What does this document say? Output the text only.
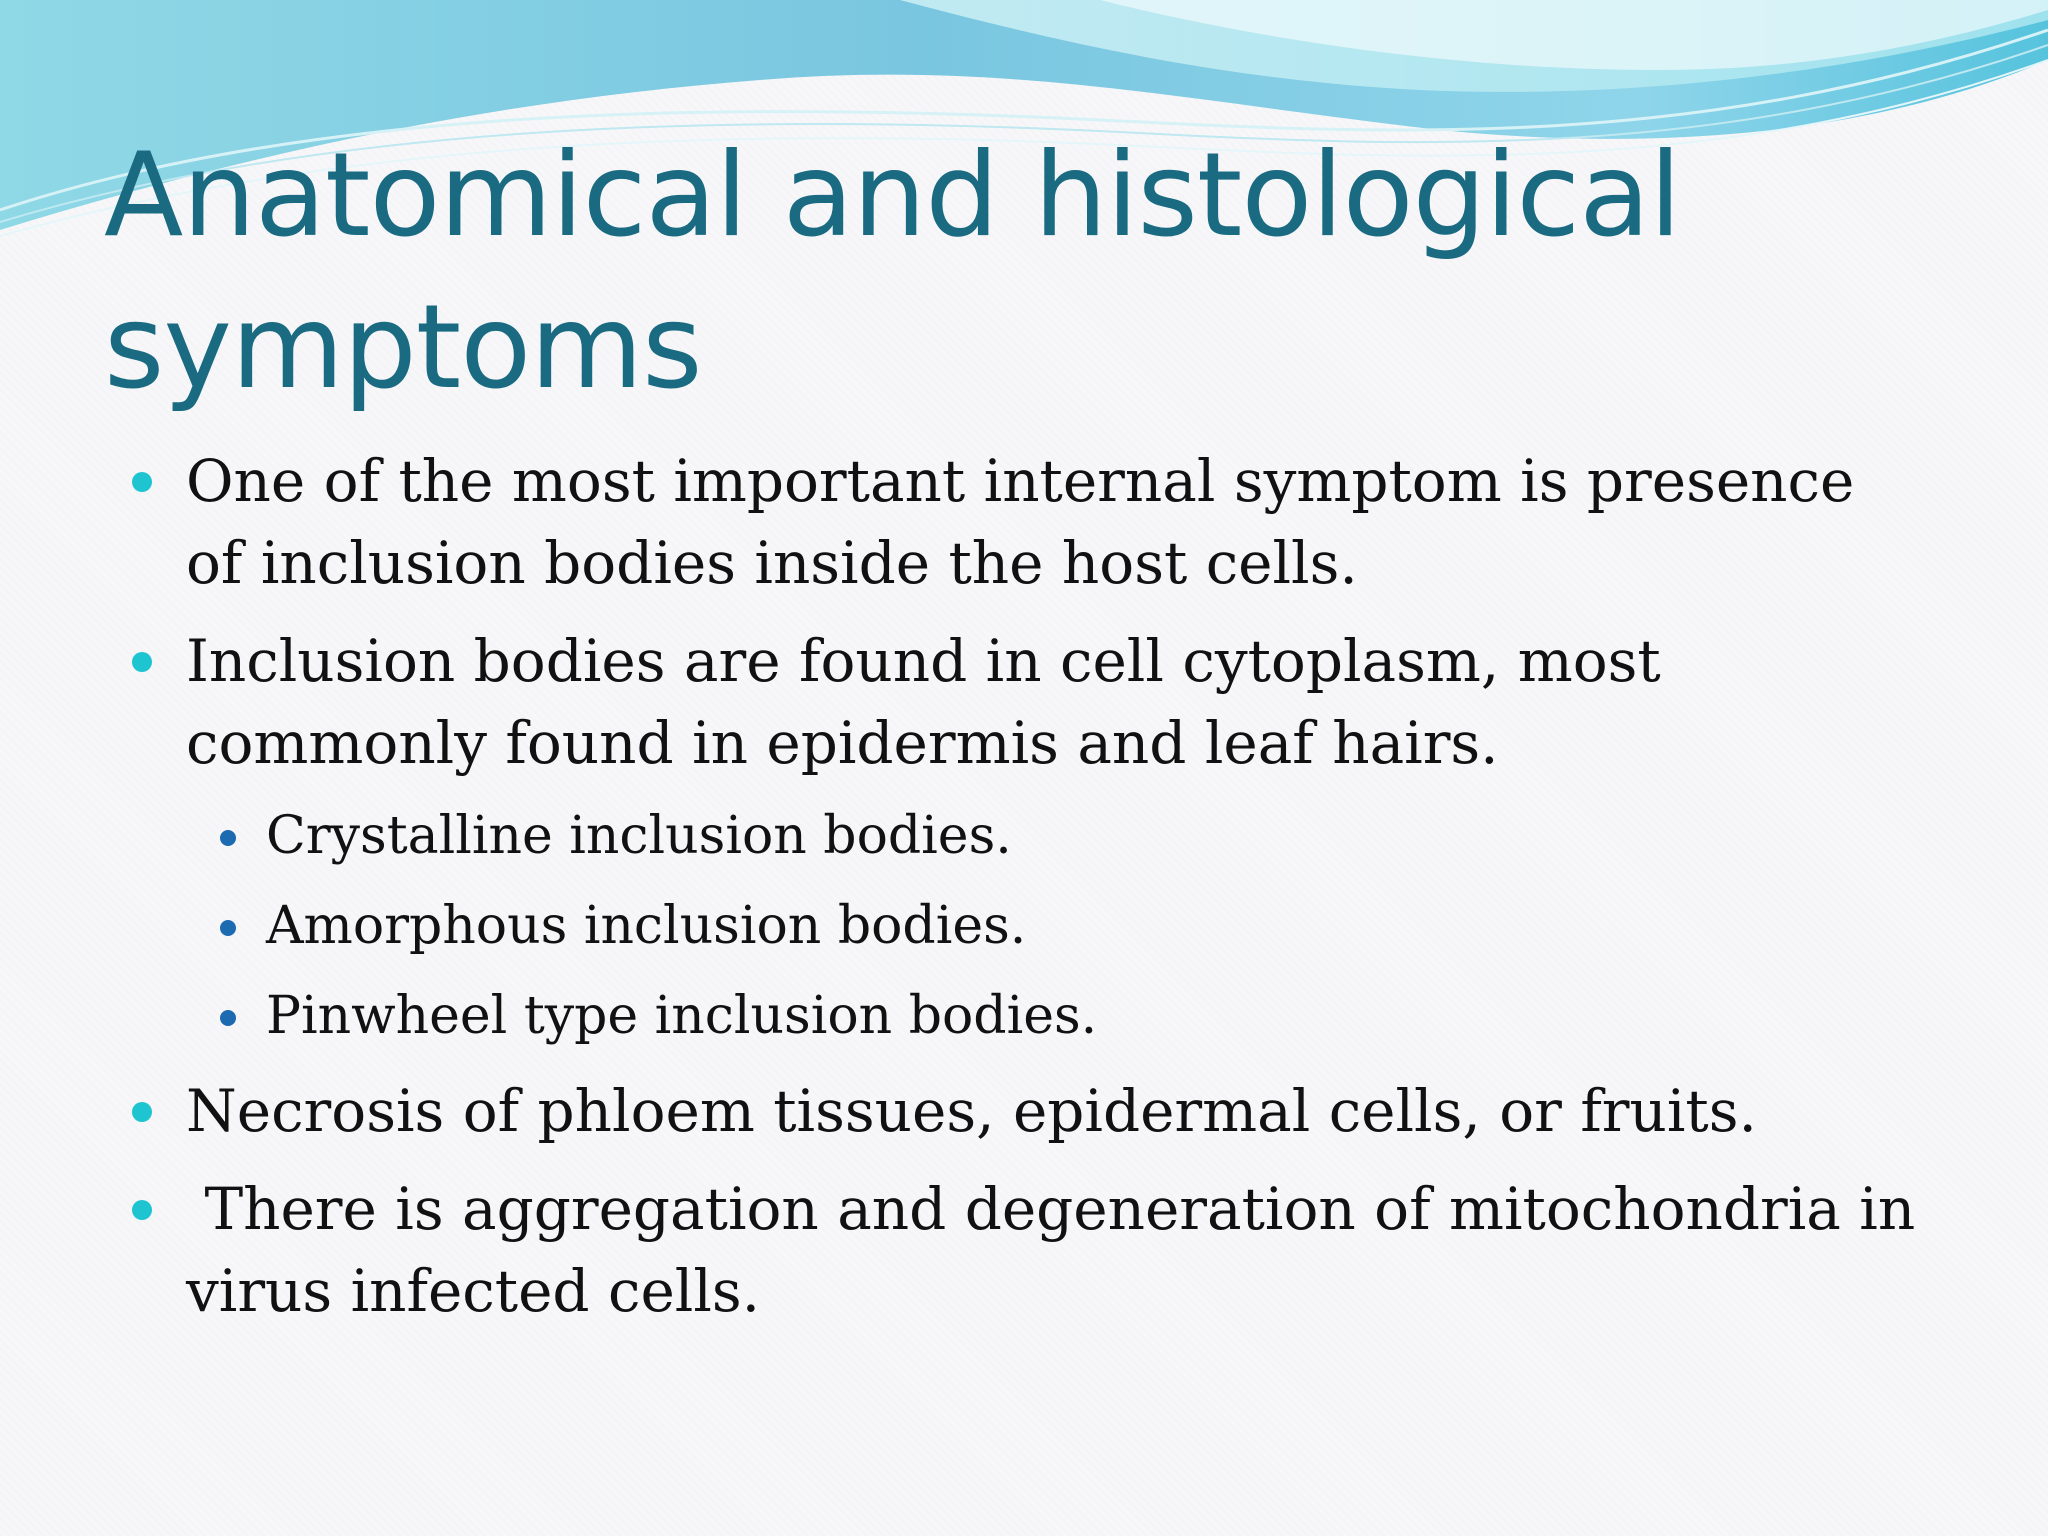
Anatomical and histological symptoms
One of the most important internal symptom is presence of inclusion bodies inside the host cells.
Inclusion bodies are found in cell cytoplasm, most commonly found in epidermis and leaf hairs.
Crystalline inclusion bodies.
Amorphous inclusion bodies.
Pinwheel type inclusion bodies.
Necrosis of phloem tissues, epidermal cells, or fruits.
There is aggregation and degeneration of mitochondria in virus infected cells.
